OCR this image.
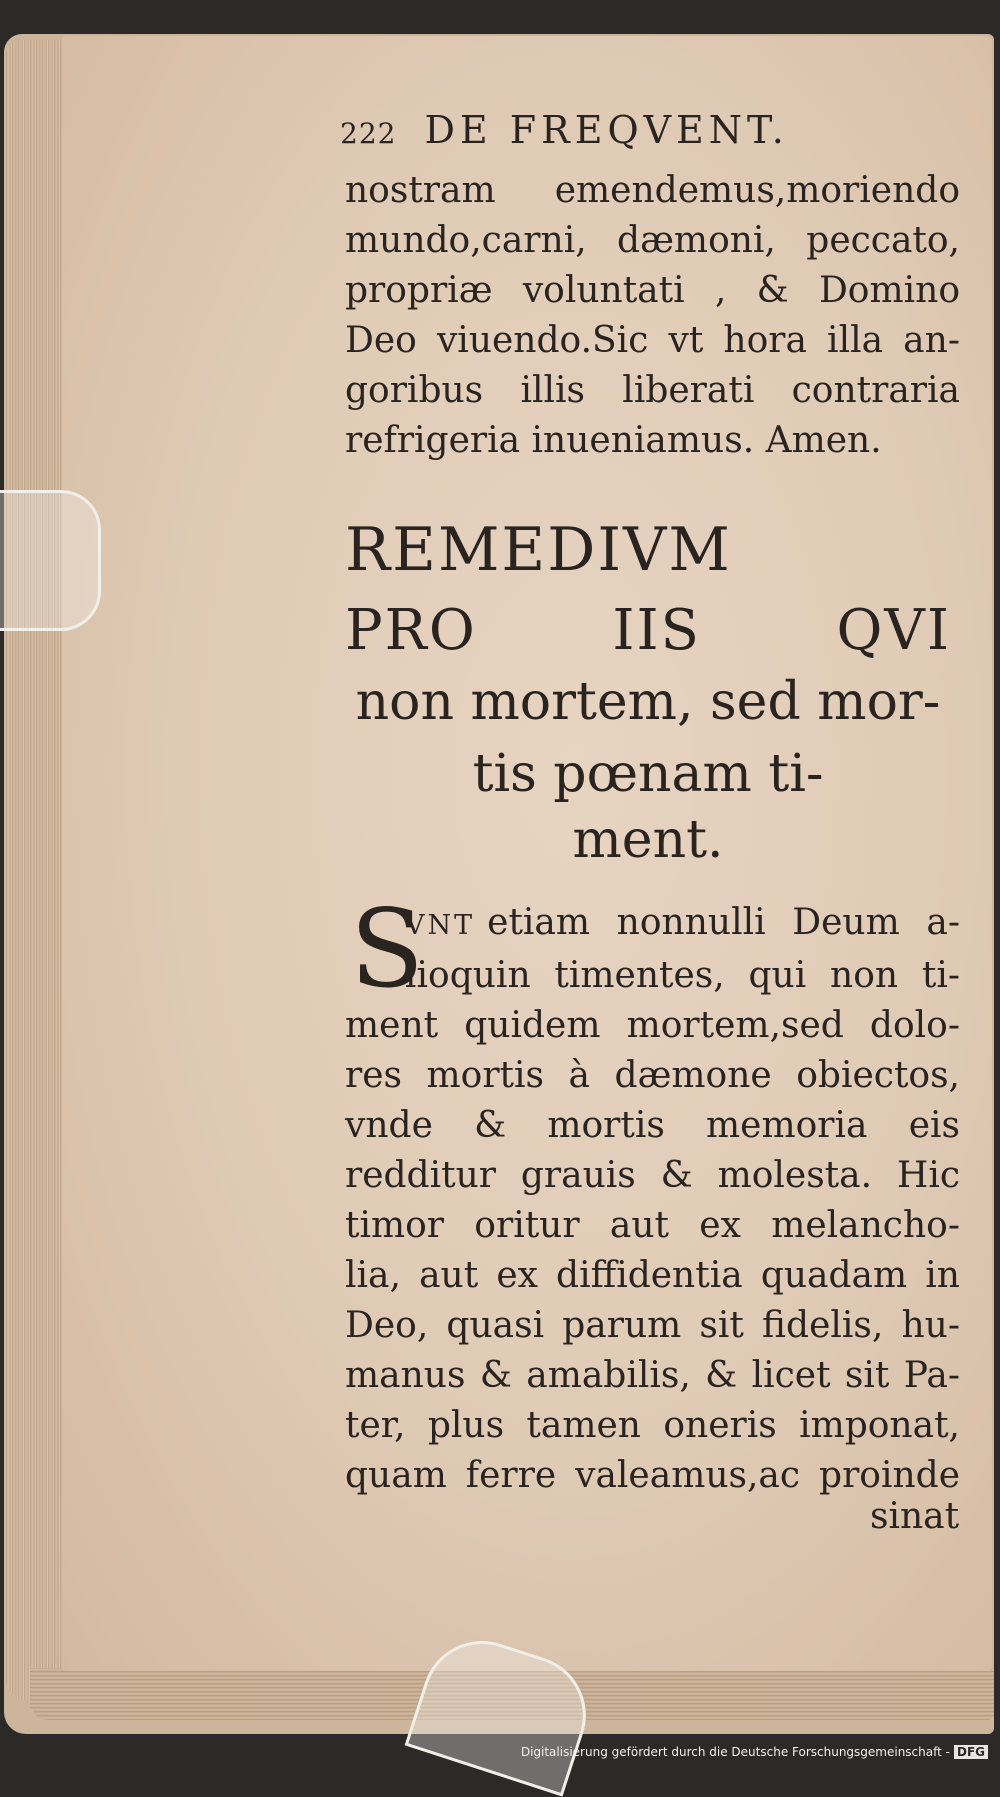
222 DE FREQVENT.
nostram emendemus,moriendo
mundo,carni, dæmoni, peccato,
propriæ voluntati , & Domino
Deo viuendo.Sic vt hora illa an-
goribus illis liberati contraria
refrigeria inueniamus. Amen.
REMEDIVM
PRO IIS QVI
non mortem, sed mor-
tis pœnam ti-
ment.
S
VNT etiam nonnulli Deum a-
lioquin timentes, qui non ti-
ment quidem mortem,sed dolo-
res mortis à dæmone obiectos,
vnde & mortis memoria eis
redditur grauis & molesta. Hic
timor oritur aut ex melancho-
lia, aut ex diffidentia quadam in
Deo, quasi parum sit fidelis, hu-
manus & amabilis, & licet sit Pa-
ter, plus tamen oneris imponat,
quam ferre valeamus,ac proinde
sinat
Digitalisierung gefördert durch die Deutsche Forschungsgemeinschaft - DFG
